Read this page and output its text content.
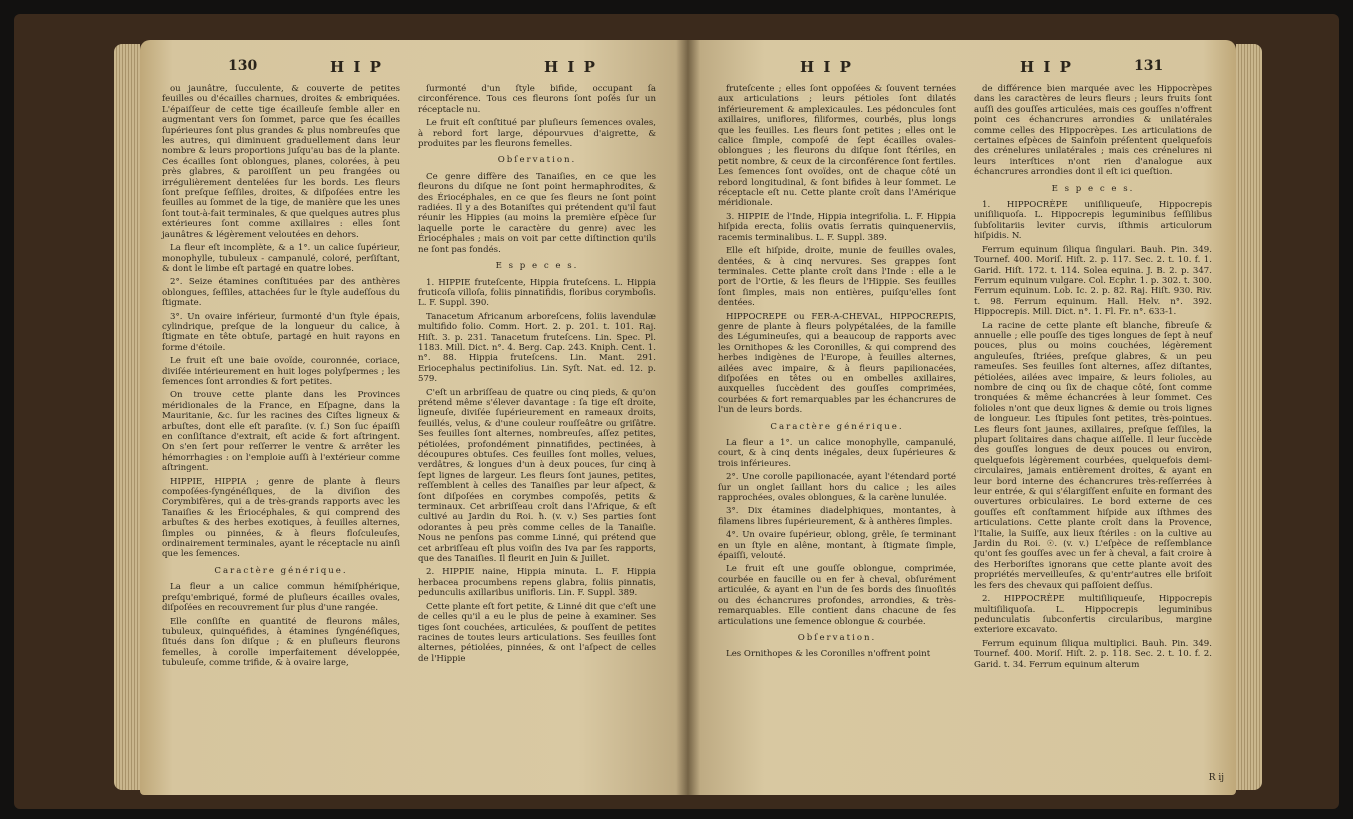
130	H I P	H I P

ou jaunâtre, ſucculente, & couverte de petites feuilles ou d'écailles charnues, droites & embriquées. L'épaiſſeur de cette tige écailleuſe ſemble aller en augmentant vers ſon ſommet, parce que ſes écailles ſupérieures ſont plus grandes & plus nombreuſes que les autres, qui diminuent graduellement dans leur nombre & leurs proportions juſqu'au bas de la plante. Ces écailles ſont oblongues, planes, colorées, à peu près glabres, & paroiſſent un peu frangées ou irrégulièrement dentelées ſur les bords. Les fleurs ſont preſque ſeſſiles, droites, & diſpoſées entre les feuilles au ſommet de la tige, de manière que les unes ſont tout-à-fait terminales, & que quelques autres plus extérieures ſont comme axillaires : elles ſont jaunâtres & légèrement veloutées en dehors.

La fleur eſt incomplète, & a 1°. un calice ſupérieur, monophylle, tubuleux - campanulé, coloré, perſiſtant, & dont le limbe eſt partagé en quatre lobes.

2°. Seize étamines conſtituées par des anthères oblongues, ſeſſiles, attachées ſur le ſtyle audeſſous du ſtigmate.

3°. Un ovaire inférieur, ſurmonté d'un ſtyle épais, cylindrique, preſque de la longueur du calice, à ſtigmate en tête obtuſe, partagé en huit rayons en forme d'étoile.

Le fruit eſt une baie ovoïde, couronnée, coriace, diviſée intérieurement en huit loges polyſpermes ; les ſemences ſont arrondies & fort petites.

On trouve cette plante dans les Provinces méridionales de la France, en Eſpagne, dans la Mauritanie, &c. ſur les racines des Ciſtes ligneux & arbuſtes, dont elle eſt paraſite. (v. ſ.) Son ſuc épaiſſi en conſiſtance d'extrait, eſt acide & fort aſtringent. On s'en ſert pour reſſerrer le ventre & arrêter les hémorrhagies : on l'emploie auſſi à l'extérieur comme aſtringent.

HIPPIE, HIPPIA ; genre de plante à fleurs compoſées-ſyngénéſiques, de la diviſion des Corymbifères, qui a de très-grands rapports avec les Tanaiſies & les Ériocéphales, & qui comprend des arbuſtes & des herbes exotiques, à feuilles alternes, ſimples ou pinnées, & à fleurs floſculeuſes, ordinairement terminales, ayant le réceptacle nu ainſi que les ſemences.

Caractère générique.

La fleur a un calice commun hémiſphérique, preſqu'embriqué, formé de pluſieurs écailles ovales, diſpoſées en recouvrement ſur plus d'une rangée.

Elle conſiſte en quantité de fleurons mâles, tubuleux, quinquéfides, à étamines ſyngénéſiques, ſitués dans ſon diſque ; & en pluſieurs fleurons femelles, à corolle imperfaitement développée, tubuleuſe, comme trifide, & à ovaire large,

ſurmonté d'un ſtyle bifide, occupant ſa circonférence. Tous ces fleurons ſont poſés ſur un réceptacle nu.

Le fruit eſt conſtitué par pluſieurs ſemences ovales, à rebord fort large, dépourvues d'aigrette, & produites par les fleurons femelles.

Obſervation.

Ce genre diffère des Tanaiſies, en ce que les fleurons du diſque ne ſont point hermaphrodites, & des Ériocéphales, en ce que ſes fleurs ne ſont point radiées. Il y a des Botaniſtes qui prétendent qu'il faut réunir les Hippies (au moins la première eſpèce ſur laquelle porte le caractère du genre) avec les Ériocéphales ; mais on voit par cette diſtinction qu'ils ne ſont pas fondés.

E s p e c e s.

1. HIPPIE fruteſcente, Hippia fruteſcens. L. Hippia fruticoſa villoſa, foliis pinnatifidis, floribus corymboſis. L. F. Suppl. 390.

Tanacetum Africanum arboreſcens, foliis lavendulæ multifido folio. Comm. Hort. 2. p. 201. t. 101. Raj. Hiſt. 3. p. 231. Tanacetum fruteſcens. Lin. Spec. Pl. 1183. Mill. Dict. n°. 4. Berg. Cap. 243. Kniph. Cent. 1. n°. 88. Hippia fruteſcens. Lin. Mant. 291. Eriocephalus pectinifolius. Lin. Syſt. Nat. ed. 12. p. 579.

C'eſt un arbriſſeau de quatre ou cinq pieds, & qu'on prétend même s'élever davantage : ſa tige eſt droite, ligneuſe, diviſée ſupérieurement en rameaux droits, feuillés, velus, & d'une couleur rouſſeâtre ou griſâtre. Ses feuilles ſont alternes, nombreuſes, aſſez petites, pétiolées, profondément pinnatifides, pectinées, à découpures obtuſes. Ces feuilles ſont molles, velues, verdâtres, & longues d'un à deux pouces, ſur cinq à ſept lignes de largeur. Les fleurs ſont jaunes, petites, reſſemblent à celles des Tanaiſies par leur aſpect, & ſont diſpoſées en corymbes compoſés, petits & terminaux. Cet arbriſſeau croît dans l'Afrique, & eſt cultivé au Jardin du Roi. ħ. (v. v.) Ses parties ſont odorantes à peu près comme celles de la Tanaiſie. Nous ne penſons pas comme Linné, qui prétend que cet arbriſſeau eſt plus voiſin des Iva par ſes rapports, que des Tanaiſies. Il fleurit en Juin & Juillet.

2. HIPPIE naine, Hippia minuta. L. F. Hippia herbacea procumbens repens glabra, foliis pinnatis, pedunculis axillaribus unifloris. Lin. F. Suppl. 389.

Cette plante eſt fort petite, & Linné dit que c'eſt une de celles qu'il a eu le plus de peine à examiner. Ses tiges ſont couchées, articulées, & pouſſent de petites racines de toutes leurs articulations. Ses feuilles ſont alternes, pétiolées, pinnées, & ont l'aſpect de celles de l'Hippie

H I P	H I P	131

fruteſcente ; elles ſont oppoſées & ſouvent ternées aux articulations ; leurs pétioles ſont dilatés inférieurement & amplexicaules. Les pédoncules ſont axillaires, uniflores, filiformes, courbés, plus longs que les feuilles. Les fleurs ſont petites ; elles ont le calice ſimple, compoſé de ſept écailles ovales-oblongues ; les fleurons du diſque ſont ſtériles, en petit nombre, & ceux de la circonférence ſont fertiles. Les ſemences ſont ovoïdes, ont de chaque côté un rebord longitudinal, & ſont bifides à leur ſommet. Le réceptacle eſt nu. Cette plante croît dans l'Amérique méridionale.

3. HIPPIE de l'Inde, Hippia integrifolia. L. F. Hippia hiſpida erecta, foliis ovatis ſerratis quinquenerviis, racemis terminalibus. L. F. Suppl. 389.

Elle eſt hiſpide, droite, munie de feuilles ovales, dentées, & à cinq nervures. Ses grappes ſont terminales. Cette plante croît dans l'Inde : elle a le port de l'Ortie, & les fleurs de l'Hippie. Ses feuilles ſont ſimples, mais non entières, puiſqu'elles ſont dentées.

HIPPOCREPE ou FER-A-CHEVAL, HIPPOCREPIS, genre de plante à fleurs polypétalées, de la famille des Légumineuſes, qui a beaucoup de rapports avec les Ornithopes & les Coronilles, & qui comprend des herbes indigènes de l'Europe, à feuilles alternes, ailées avec impaire, & à fleurs papilionacées, diſpoſées en têtes ou en ombelles axillaires, auxquelles ſuccèdent des gouſſes comprimées, courbées & fort remarquables par les échancrures de l'un de leurs bords.

Caractère générique.

La fleur a 1°. un calice monophylle, campanulé, court, & à cinq dents inégales, deux ſupérieures & trois inférieures.

2°. Une corolle papilionacée, ayant l'étendard porté ſur un onglet ſaillant hors du calice ; les ailes rapprochées, ovales oblongues, & la carène lunulée.

3°. Dix étamines diadelphiques, montantes, à filamens libres ſupérieurement, & à anthères ſimples.

4°. Un ovaire ſupérieur, oblong, grêle, ſe terminant en un ſtyle en alêne, montant, à ſtigmate ſimple, épaiſſi, velouté.

Le fruit eſt une gouſſe oblongue, comprimée, courbée en faucille ou en fer à cheval, obſurément articulée, & ayant en l'un de ſes bords des ſinuoſités ou des échancrures profondes, arrondies, & très-remarquables. Elle contient dans chacune de ſes articulations une ſemence oblongue & courbée.

Obſervation.

Les Ornithopes & les Coronilles n'offrent point

de différence bien marquée avec les Hippocrèpes dans les caractères de leurs fleurs ; leurs fruits ſont auſſi des gouſſes articulées, mais ces gouſſes n'offrent point ces échancrures arrondies & unilatérales comme celles des Hippocrèpes. Les articulations de certaines eſpèces de Sainfoin préſentent quelquefois des crénelures unilatérales ; mais ces crénelures ni leurs interſtices n'ont rien d'analogue aux échancrures arrondies dont il eſt ici queſtion.

E s p e c e s.

1. HIPPOCRÈPE uniſiliqueuſe, Hippocrepis uniſiliquoſa. L. Hippocrepis leguminibus ſeſſilibus ſubſolitariis leviter curvis, iſthmis articulorum hiſpidis. N.

Ferrum equinum ſiliqua ſingulari. Bauh. Pin. 349. Tournef. 400. Moriſ. Hiſt. 2. p. 117. Sec. 2. t. 10. f. 1. Garid. Hiſt. 172. t. 114. Solea equina. J. B. 2. p. 347. Ferrum equinum vulgare. Col. Ecphr. 1. p. 302. t. 300. Ferrum equinum. Lob. Ic. 2. p. 82. Raj. Hiſt. 930. Riv. t. 98. Ferrum equinum. Hall. Helv. n°. 392. Hippocrepis. Mill. Dict. n°. 1. Fl. Fr. n°. 633-1.

La racine de cette plante eſt blanche, fibreuſe & annuelle ; elle pouſſe des tiges longues de ſept à neuf pouces, plus ou moins couchées, légèrement anguleuſes, ſtriées, preſque glabres, & un peu rameuſes. Ses feuilles ſont alternes, aſſez diſtantes, pétiolées, ailées avec impaire, & leurs folioles, au nombre de cinq ou ſix de chaque côté, ſont comme tronquées & même échancrées à leur ſommet. Ces folioles n'ont que deux lignes & demie ou trois lignes de longueur. Les ſtipules ſont petites, très-pointues. Les fleurs ſont jaunes, axillaires, preſque ſeſſiles, la plupart ſolitaires dans chaque aiſſelle. Il leur ſuccède des gouſſes longues de deux pouces ou environ, quelquefois légèrement courbées, quelquefois demi-circulaires, jamais entièrement droites, & ayant en leur bord interne des échancrures très-reſſerrées à leur entrée, & qui s'élargiſſent enſuite en formant des ouvertures orbiculaires. Le bord externe de ces gouſſes eſt conſtamment hiſpide aux iſthmes des articulations. Cette plante croît dans la Provence, l'Italie, la Suiſſe, aux lieux ſtériles : on la cultive au Jardin du Roi. ☉. (v. v.) L'eſpèce de reſſemblance qu'ont ſes gouſſes avec un fer à cheval, a fait croire à des Herboriſtes ignorans que cette plante avoit des propriétés merveilleuſes, & qu'entr'autres elle briſoit les fers des chevaux qui paſſoient deſſus.

2. HIPPOCRÈPE multiſiliqueuſe, Hippocrepis multiſiliquoſa. L. Hippocrepis leguminibus pedunculatis ſubconfertis circularibus, margine exteriore excavato.

Ferrum equinum ſiliqua multiplici. Bauh. Pin. 349. Tournef. 400. Moriſ. Hiſt. 2. p. 118. Sec. 2. t. 10. f. 2. Garid. t. 34. Ferrum equinum alterum

R ij
